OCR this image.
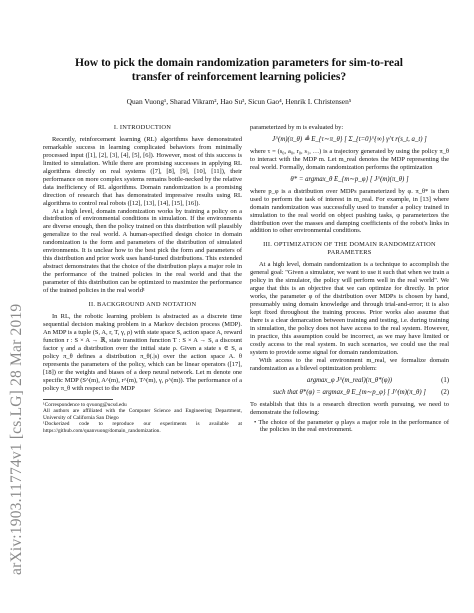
arXiv:1903.11774v1 [cs.LG] 28 Mar 2019
How to pick the domain randomization parameters for sim-to-real
transfer of reinforcement learning policies?
Quan Vuong¹, Sharad Vikram², Hao Su³, Sicun Gao⁴, Henrik I. Christensen⁵
I. INTRODUCTION

Recently, reinforcement learning (RL) algorithms have demonstrated remarkable success in learning complicated behaviors from minimally processed input ([1], [2], [3], [4], [5], [6]). However, most of this success is limited to simulation. While there are promising successes in applying RL algorithms directly on real systems ([7], [8], [9], [10], [11]), their performance on more complex systems remains bottle-necked by the relative data inefficiency of RL algorithms. Domain randomization is a promising direction of research that has demonstrated impressive results using RL algorithms to control real robots ([12], [13], [14], [15], [16]).

At a high level, domain randomization works by training a policy on a distribution of environmental conditions in simulation. If the environments are diverse enough, then the policy trained on this distribution will plausibly generalize to the real world. A human-specified design choice in domain randomization is the form and parameters of the distribution of simulated environments. It is unclear how to the best pick the form and parameters of this distribution and prior work uses hand-tuned distributions. This extended abstract demonstrates that the choice of the distribution plays a major role in the performance of the trained policies in the real world and that the parameter of this distribution can be optimized to maximize the performance of the trained policies in the real world¹

II. BACKGROUND AND NOTATION

In RL, the robotic learning problem is abstracted as a discrete time sequential decision making problem in a Markov decision process (MDP). An MDP is a tuple (S, A, r, T, γ, ρ) with state space S, action space A, reward function r : S × A → ℝ, state transition function T : S × A → S, a discount factor γ and a distribution over the initial state ρ. Given a state s ∈ S, a policy π_θ defines a distribution π_θ(.|s) over the action space A. θ represents the parameters of the policy, which can be linear operators ([17], [18]) or the weights and biases of a deep neural network. Let m denote one specific MDP (S^(m), A^(m), r^(m), T^(m), γ, ρ^(m)). The performance of a policy π_θ with respect to the MDP

¹Correspondence to qvuong@ucsd.edu

All authors are affiliated with the Computer Science and Engineering Department, University of California San Diego

¹Dockerized code to reproduce our experiments is available at https://github.com/quanvuong/domain_randomization.

parameterized by m is evaluated by:

J^(m)(π_θ) ≜ E_{τ∼π_θ} [ Σ_{t=0}^{∞} γ^t r(s_t, a_t) ]

where τ = (s₀, a₀, r₀, s₁, …) is a trajectory generated by using the policy π_θ to interact with the MDP m. Let m_real denotes the MDP representing the real world. Formally, domain randomization performs the optimization

θ* = argmax_θ E_{m∼p_φ} [ J^(m)(π_θ) ]

where p_φ is a distribution over MDPs parameterized by φ. π_θ* is then used to perform the task of interest in m_real. For example, in [13] where domain randomization was successfully used to transfer a policy trained in simulation to the real world on object pushing tasks, φ parameterizes the distribution over the masses and damping coefficients of the robot's links in addition to other environmental conditions.

III. OPTIMIZATION OF THE DOMAIN RANDOMIZATION
PARAMETERS

At a high level, domain randomization is a technique to accomplish the general goal: "Given a simulator, we want to use it such that when we train a policy in the simulator, the policy will perform well in the real world". We argue that this is an objective that we can optimize for directly. In prior works, the parameter φ of the distribution over MDPs is chosen by hand, presumably using domain knowledge and through trial-and-error; it is also kept fixed throughout the training process. Prior works also assume that there is a clear demarcation between training and testing, i.e. during training in simulation, the policy does not have access to the real system. However, in practice, this assumption could be incorrect, as we may have limited or costly access to the real system. In such scenarios, we could use the real system to provide some signal for domain randomization.

With access to the real environment m_real, we formalize domain randomization as a bilevel optimization problem:

argmax_φ J^(m_real)(π_θ*(φ))	(1)
such that θ*(φ) = argmax_θ E_{m∼p_φ} [ J^(m)(π_θ) ] (2)

To establish that this is a research direction worth pursuing, we need to demonstrate the following:

• The choice of the parameter φ plays a major role in the performance of the policies in the real environment.
